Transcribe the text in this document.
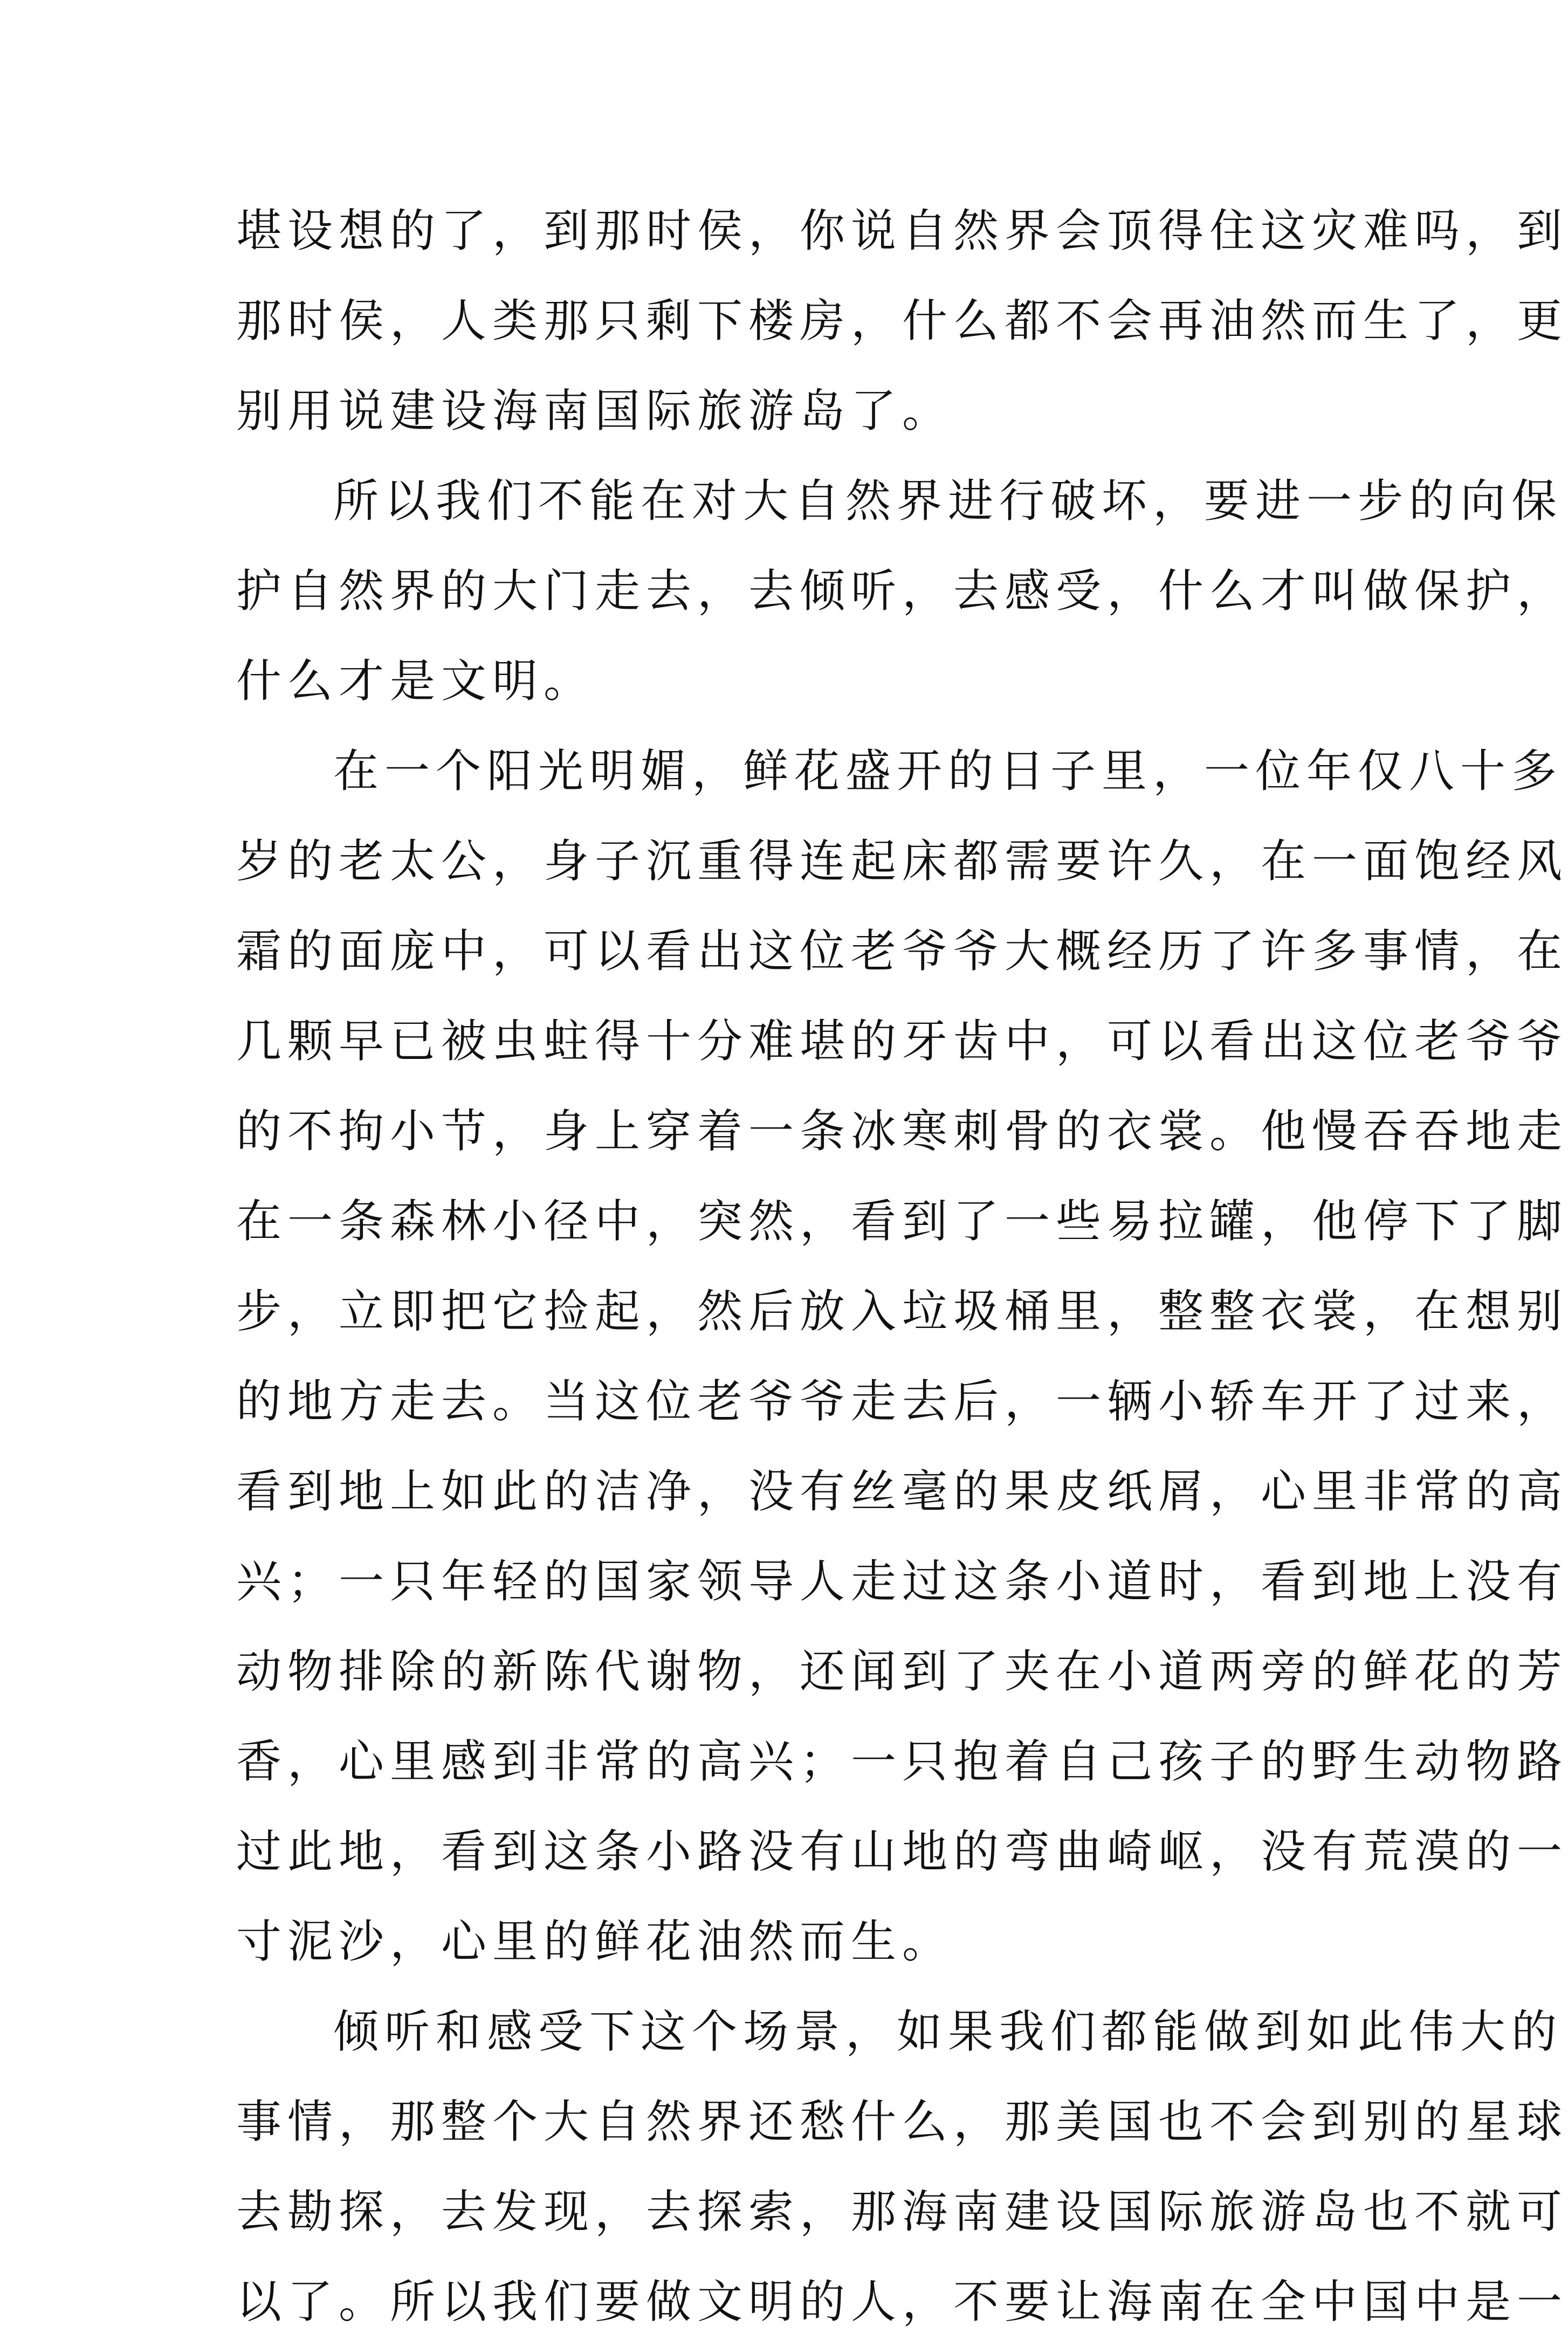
堪设想的了，到那时侯，你说自然界会顶得住这灾难吗，到
那时侯，人类那只剩下楼房，什么都不会再油然而生了，更
别用说建设海南国际旅游岛了。
所以我们不能在对大自然界进行破坏，要进一步的向保
护自然界的大门走去，去倾听，去感受，什么才叫做保护，
什么才是文明。
在一个阳光明媚，鲜花盛开的日子里，一位年仅八十多
岁的老太公，身子沉重得连起床都需要许久，在一面饱经风
霜的面庞中，可以看出这位老爷爷大概经历了许多事情，在
几颗早已被虫蛀得十分难堪的牙齿中，可以看出这位老爷爷
的不拘小节，身上穿着一条冰寒刺骨的衣裳。他慢吞吞地走
在一条森林小径中，突然，看到了一些易拉罐，他停下了脚
步，立即把它捡起，然后放入垃圾桶里，整整衣裳，在想别
的地方走去。当这位老爷爷走去后，一辆小轿车开了过来，
看到地上如此的洁净，没有丝毫的果皮纸屑，心里非常的高
兴；一只年轻的国家领导人走过这条小道时，看到地上没有
动物排除的新陈代谢物，还闻到了夹在小道两旁的鲜花的芳
香，心里感到非常的高兴；一只抱着自己孩子的野生动物路
过此地，看到这条小路没有山地的弯曲崎岖，没有荒漠的一
寸泥沙，心里的鲜花油然而生。
倾听和感受下这个场景，如果我们都能做到如此伟大的
事情，那整个大自然界还愁什么，那美国也不会到别的星球
去勘探，去发现，去探索，那海南建设国际旅游岛也不就可
以了。所以我们要做文明的人，不要让海南在全中国中是一
